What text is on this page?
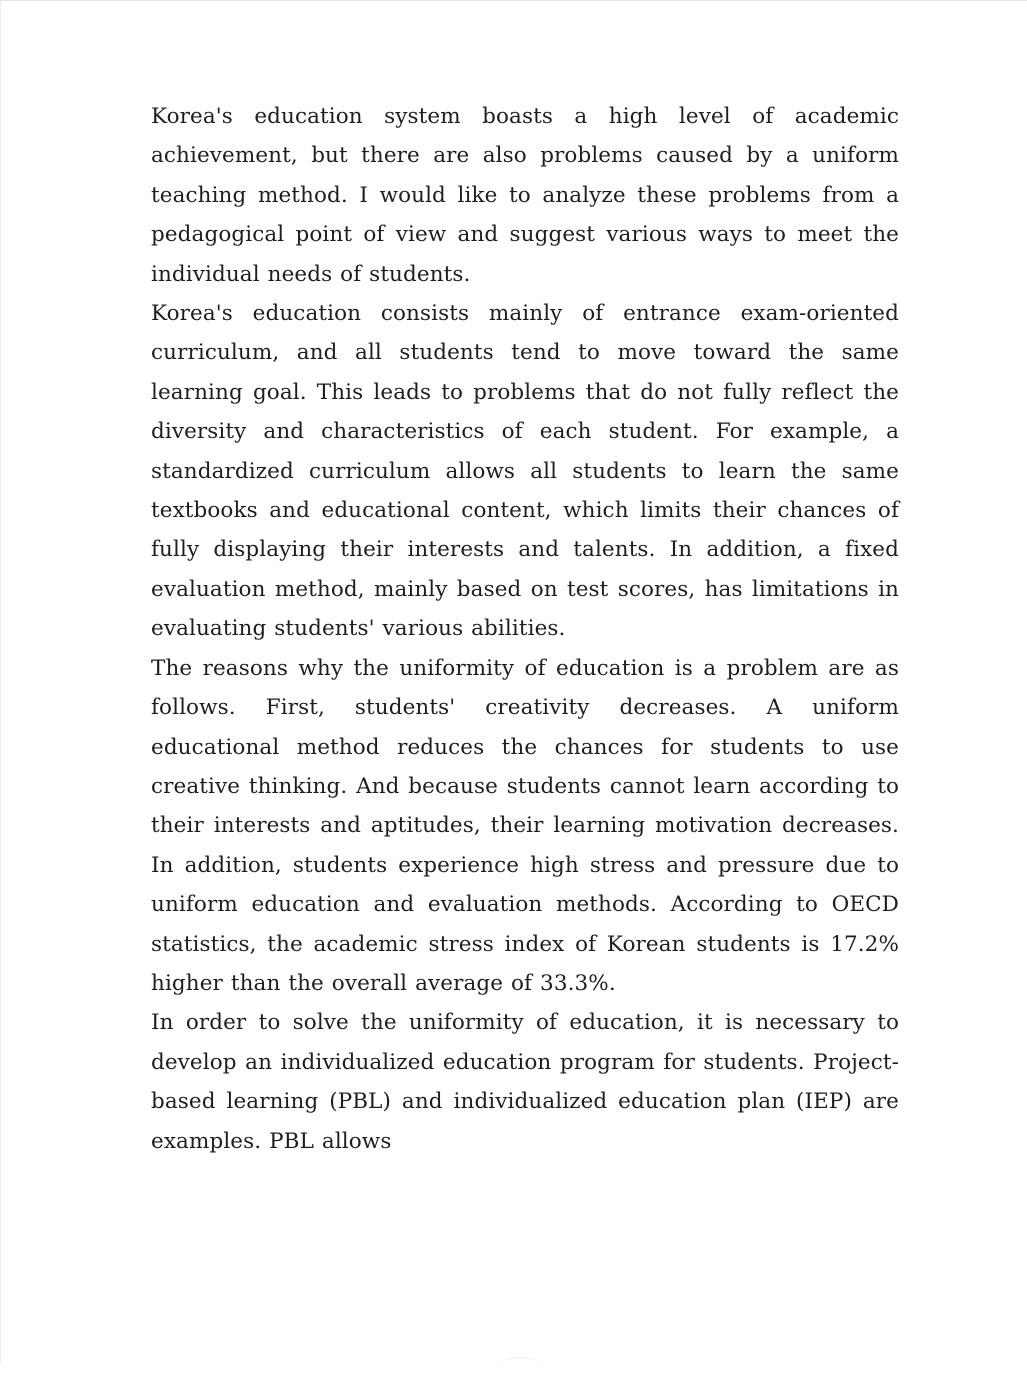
Korea's education system boasts a high level of academic achievement, but there are also problems caused by a uniform teaching method. I would like to analyze these problems from a pedagogical point of view and suggest various ways to meet the individual needs of students.

Korea's education consists mainly of entrance exam-oriented curriculum, and all students tend to move toward the same learning goal. This leads to problems that do not fully reflect the diversity and characteristics of each student. For example, a standardized curriculum allows all students to learn the same textbooks and educational content, which limits their chances of fully displaying their interests and talents. In addition, a fixed evaluation method, mainly based on test scores, has limitations in evaluating students' various abilities.

The reasons why the uniformity of education is a problem are as follows. First, students' creativity decreases. A uniform educational method reduces the chances for students to use creative thinking. And because students cannot learn according to their interests and aptitudes, their learning motivation decreases. In addition, students experience high stress and pressure due to uniform education and evaluation methods. According to OECD statistics, the academic stress index of Korean students is 17.2% higher than the overall average of 33.3%.

In order to solve the uniformity of education, it is necessary to develop an individualized education program for students. Project-based learning (PBL) and individualized education plan (IEP) are examples. PBL allows
